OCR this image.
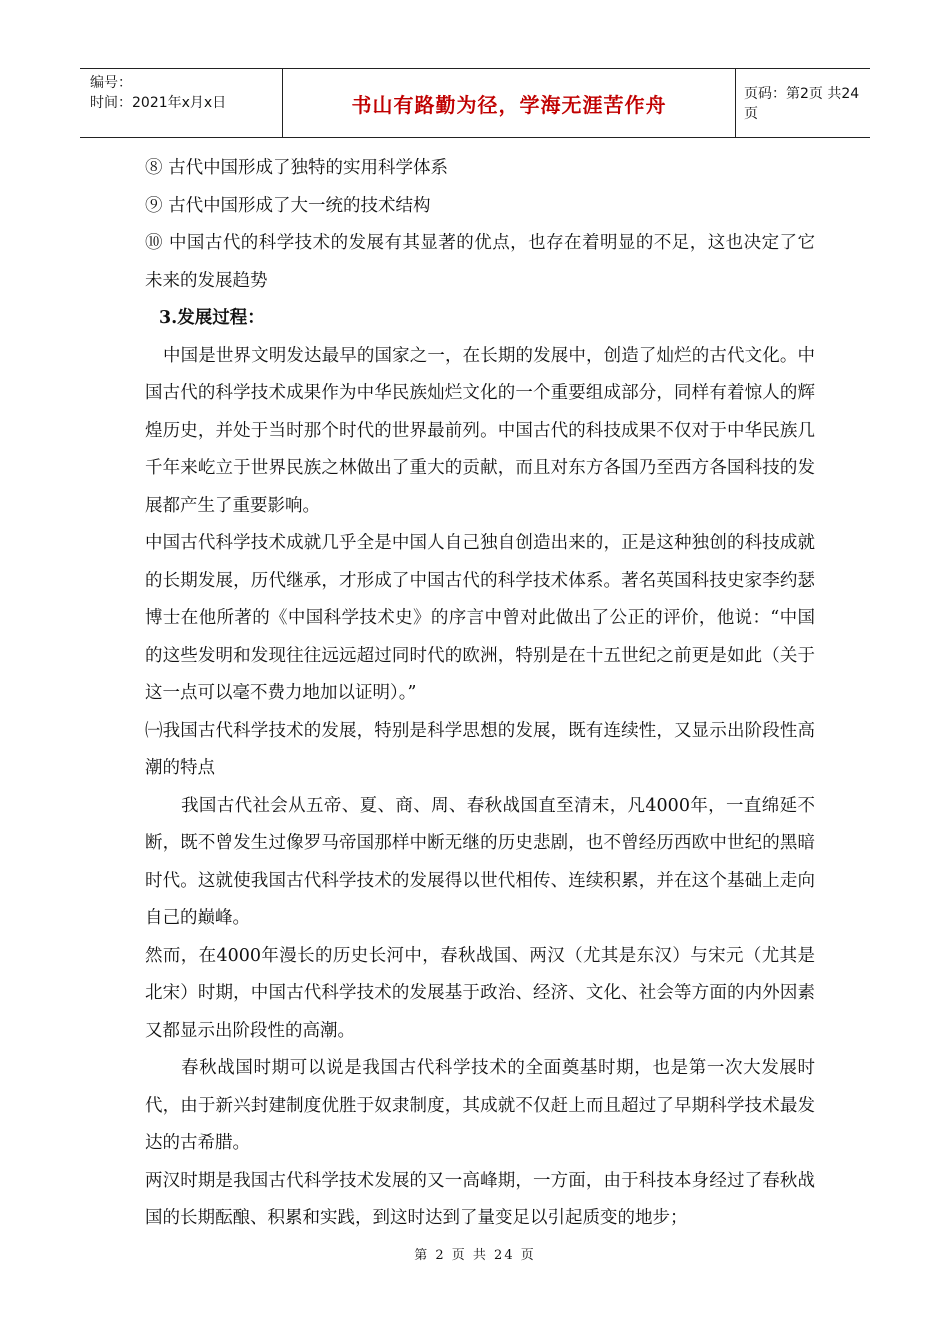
编号：
时间：2021年x月x日	书山有路勤为径，学海无涯苦作舟	页码：第2页 共24页

⑧ 古代中国形成了独特的实用科学体系

⑨ 古代中国形成了大一统的技术结构

⑩ 中国古代的科学技术的发展有其显著的优点，也存在着明显的不足，这也决定了它未来的发展趋势

3.发展过程：

中国是世界文明发达最早的国家之一，在长期的发展中，创造了灿烂的古代文化。中国古代的科学技术成果作为中华民族灿烂文化的一个重要组成部分，同样有着惊人的辉煌历史，并处于当时那个时代的世界最前列。中国古代的科技成果不仅对于中华民族几千年来屹立于世界民族之林做出了重大的贡献，而且对东方各国乃至西方各国科技的发展都产生了重要影响。

中国古代科学技术成就几乎全是中国人自己独自创造出来的，正是这种独创的科技成就的长期发展，历代继承，才形成了中国古代的科学技术体系。著名英国科技史家李约瑟博士在他所著的《中国科学技术史》的序言中曾对此做出了公正的评价，他说：“中国的这些发明和发现往往远远超过同时代的欧洲，特别是在十五世纪之前更是如此（关于这一点可以毫不费力地加以证明）。”

㈠我国古代科学技术的发展，特别是科学思想的发展，既有连续性，又显示出阶段性高潮的特点

我国古代社会从五帝、夏、商、周、春秋战国直至清末，凡4000年，一直绵延不断，既不曾发生过像罗马帝国那样中断无继的历史悲剧，也不曾经历西欧中世纪的黑暗时代。这就使我国古代科学技术的发展得以世代相传、连续积累，并在这个基础上走向自己的巅峰。

然而，在4000年漫长的历史长河中，春秋战国、两汉（尤其是东汉）与宋元（尤其是北宋）时期，中国古代科学技术的发展基于政治、经济、文化、社会等方面的内外因素又都显示出阶段性的高潮。

春秋战国时期可以说是我国古代科学技术的全面奠基时期，也是第一次大发展时代，由于新兴封建制度优胜于奴隶制度，其成就不仅赶上而且超过了早期科学技术最发达的古希腊。

两汉时期是我国古代科学技术发展的又一高峰期，一方面，由于科技本身经过了春秋战国的长期酝酿、积累和实践，到这时达到了量变足以引起质变的地步；

第 2 页 共 24 页
